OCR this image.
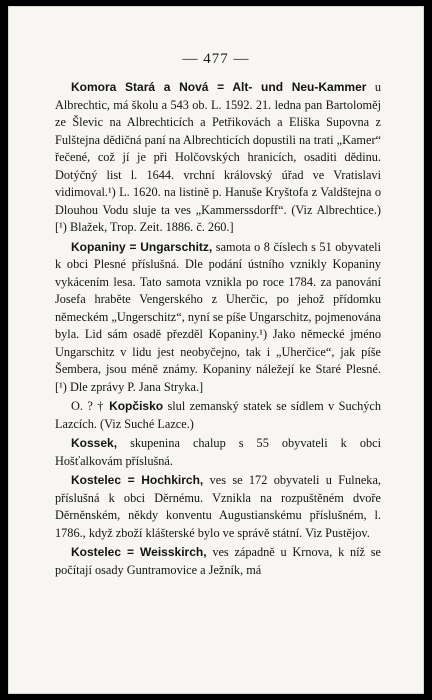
— 477 —

Komora Stará a Nová = Alt- und Neu-Kammer u Albrechtic, má školu a 543 ob. L. 1592. 21. ledna pan Bartoloměj ze Šlevic na Albrechticích a Petřikovách a Eliška Supovna z Fulštejna dědičná paní na Albrechticích dopustili na trati „Kamer“ řečené, což jí je při Holčovských hranicích, osaditi dědinu. Dotýčný list l. 1644. vrchní královský úřad ve Vratislavi vidimoval.¹) L. 1620. na listině p. Hanuše Kryštofa z Valdštejna o Dlouhou Vodu sluje ta ves „Kammerssdorff“. (Viz Albrechtice.) [¹) Blažek, Trop. Zeit. 1886. č. 260.]

Kopaniny = Ungarschitz, samota o 8 číslech s 51 obyvateli k obci Plesné příslušná. Dle podání ústního vznikly Kopaniny vykácením lesa. Tato samota vznikla po roce 1784. za panování Josefa hraběte Vengerského z Uherčic, po jehož přídomku německém „Ungerschitz“, nyní se píše Ungarschitz, pojmenována byla. Lid sám osadě přezděl Kopaniny.¹) Jako německé jméno Ungarschitz v lidu jest neobyčejno, tak i „Uherčice“, jak píše Šembera, jsou méně známy. Kopaniny náležejí ke Staré Plesné. [¹) Dle zprávy P. Jana Stryka.]

O. ? † Kopčisko slul zemanský statek se sídlem v Suchých Lazcích. (Viz Suché Lazce.)

Kossek, skupenina chalup s 55 obyvateli k obci Hošťalkovám příslušná.

Kostelec = Hochkirch, ves se 172 obyvateli u Fulneka, příslušná k obci Děrnému. Vznikla na rozpuštěném dvoře Děrněnském, někdy konventu Augustianskému příslušném, l. 1786., když zboží klášterské bylo ve správě státní. Viz Pustějov.

Kostelec = Weisskirch, ves západně u Krnova, k níž se počítají osady Guntramovice a Ježník, má
